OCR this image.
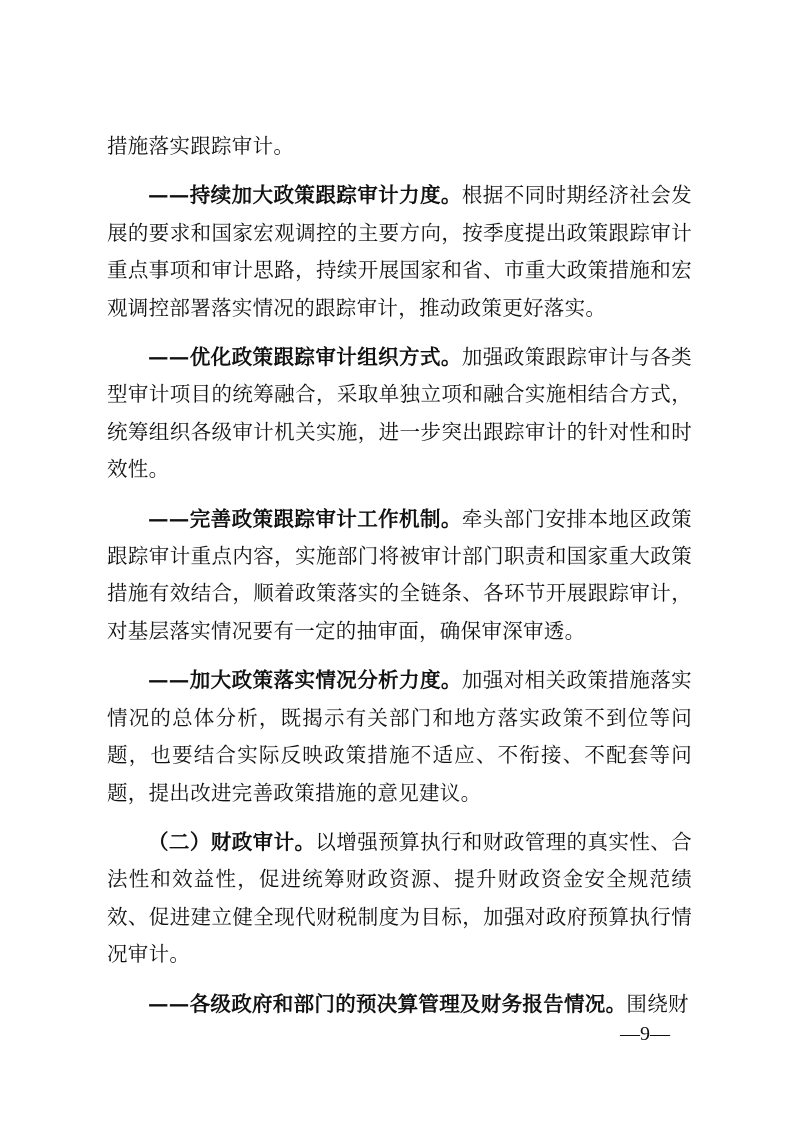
措施落实跟踪审计。

——持续加大政策跟踪审计力度。根据不同时期经济社会发展的要求和国家宏观调控的主要方向，按季度提出政策跟踪审计重点事项和审计思路，持续开展国家和省、市重大政策措施和宏观调控部署落实情况的跟踪审计，推动政策更好落实。

——优化政策跟踪审计组织方式。加强政策跟踪审计与各类型审计项目的统筹融合，采取单独立项和融合实施相结合方式，统筹组织各级审计机关实施，进一步突出跟踪审计的针对性和时效性。

——完善政策跟踪审计工作机制。牵头部门安排本地区政策跟踪审计重点内容，实施部门将被审计部门职责和国家重大政策措施有效结合，顺着政策落实的全链条、各环节开展跟踪审计，对基层落实情况要有一定的抽审面，确保审深审透。

——加大政策落实情况分析力度。加强对相关政策措施落实情况的总体分析，既揭示有关部门和地方落实政策不到位等问题，也要结合实际反映政策措施不适应、不衔接、不配套等问题，提出改进完善政策措施的意见建议。

（二）财政审计。以增强预算执行和财政管理的真实性、合法性和效益性，促进统筹财政资源、提升财政资金安全规范绩效、促进建立健全现代财税制度为目标，加强对政府预算执行情况审计。

——各级政府和部门的预决算管理及财务报告情况。围绕财

—9—
